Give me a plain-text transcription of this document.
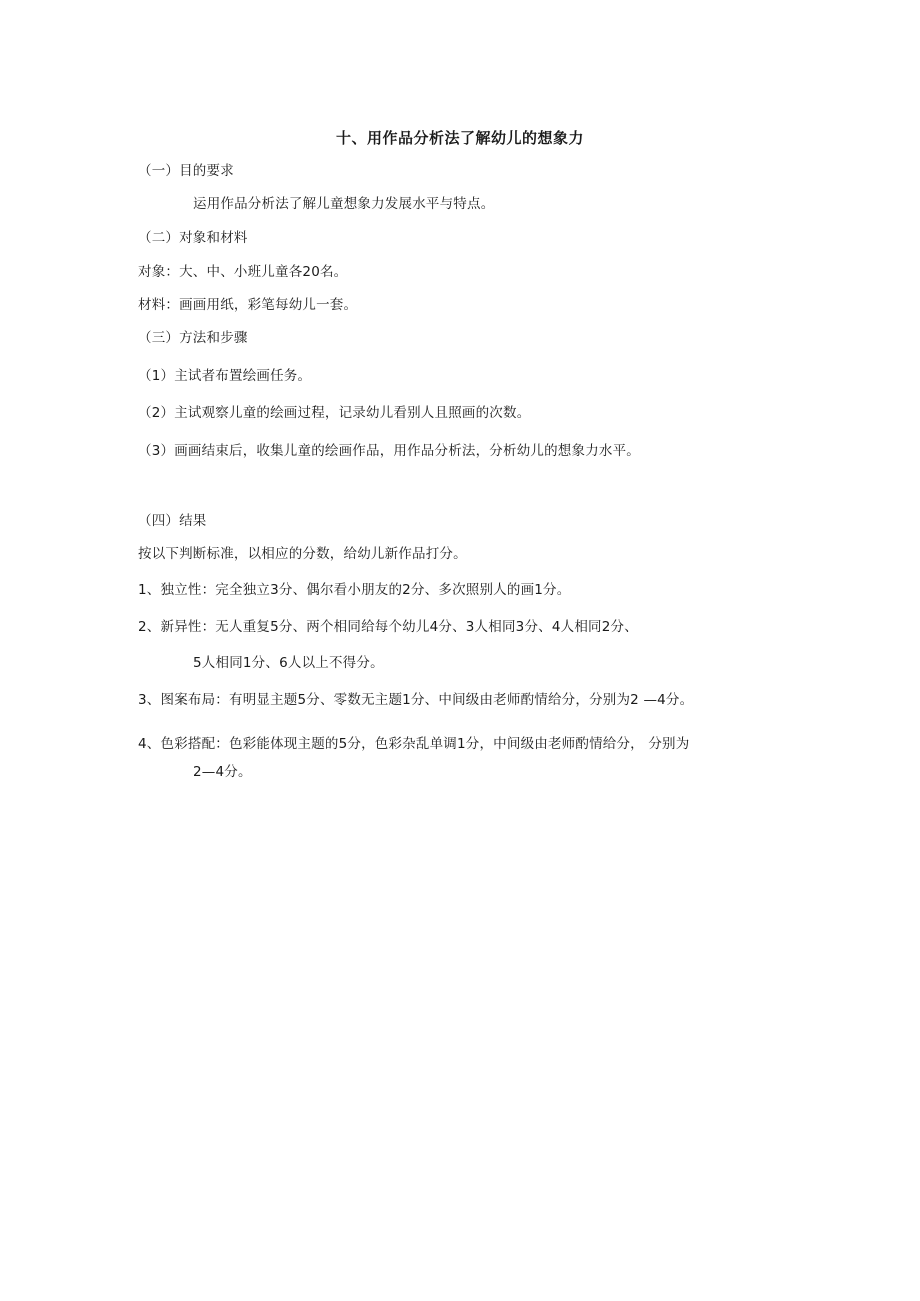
十、用作品分析法了解幼儿的想象力
（一）目的要求
运用作品分析法了解儿童想象力发展水平与特点。
（二）对象和材料
对象：大、中、小班儿童各20名。
材料：画画用纸，彩笔每幼儿一套。
（三）方法和步骤
（1）主试者布置绘画任务。
（2）主试观察儿童的绘画过程，记录幼儿看别人且照画的次数。
（3）画画结束后，收集儿童的绘画作品，用作品分析法，分析幼儿的想象力水平。
（四）结果
按以下判断标准，以相应的分数，给幼儿新作品打分。
1、独立性：完全独立3分、偶尔看小朋友的2分、多次照别人的画1分。
2、新异性：无人重复5分、两个相同给每个幼儿4分、3人相同3分、4人相同2分、
5人相同1分、6人以上不得分。
3、图案布局：有明显主题5分、零数无主题1分、中间级由老师酌情给分，分别为2 —4分。
4、色彩搭配：色彩能体现主题的5分，色彩杂乱单调1分，中间级由老师酌情给分， 分别为
2—4分。
